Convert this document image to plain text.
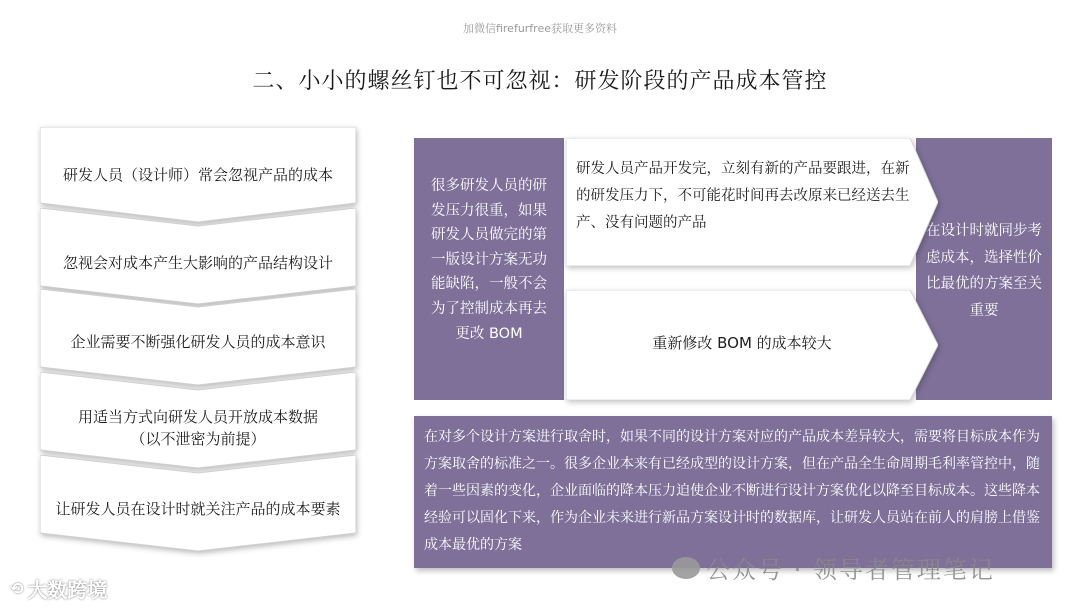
加微信firefurfree获取更多资料
二、小小的螺丝钉也不可忽视：研发阶段的产品成本管控
研发人员（设计师）常会忽视产品的成本
忽视会对成本产生大影响的产品结构设计
企业需要不断强化研发人员的成本意识
用适当方式向研发人员开放成本数据
（以不泄密为前提）
让研发人员在设计时就关注产品的成本要素
很多研发人员的研发压力很重，如果研发人员做完的第一版设计方案无功能缺陷，一般不会为了控制成本再去更改 BOM
在设计时就同步考虑成本，选择性价比最优的方案至关重要
研发人员产品开发完，立刻有新的产品要跟进，在新的研发压力下，不可能花时间再去改原来已经送去生产、没有问题的产品
重新修改 BOM 的成本较大
在对多个设计方案进行取舍时，如果不同的设计方案对应的产品成本差异较大，需要将目标成本作为方案取舍的标准之一。很多企业本来有已经成型的设计方案，但在产品全生命周期毛利率管控中，随着一些因素的变化，企业面临的降本压力迫使企业不断进行设计方案优化以降至目标成本。这些降本经验可以固化下来，作为企业未来进行新品方案设计时的数据库，让研发人员站在前人的肩膀上借鉴成本最优的方案
⟲ 大数跨境
公众号 · 领导者管理笔记
